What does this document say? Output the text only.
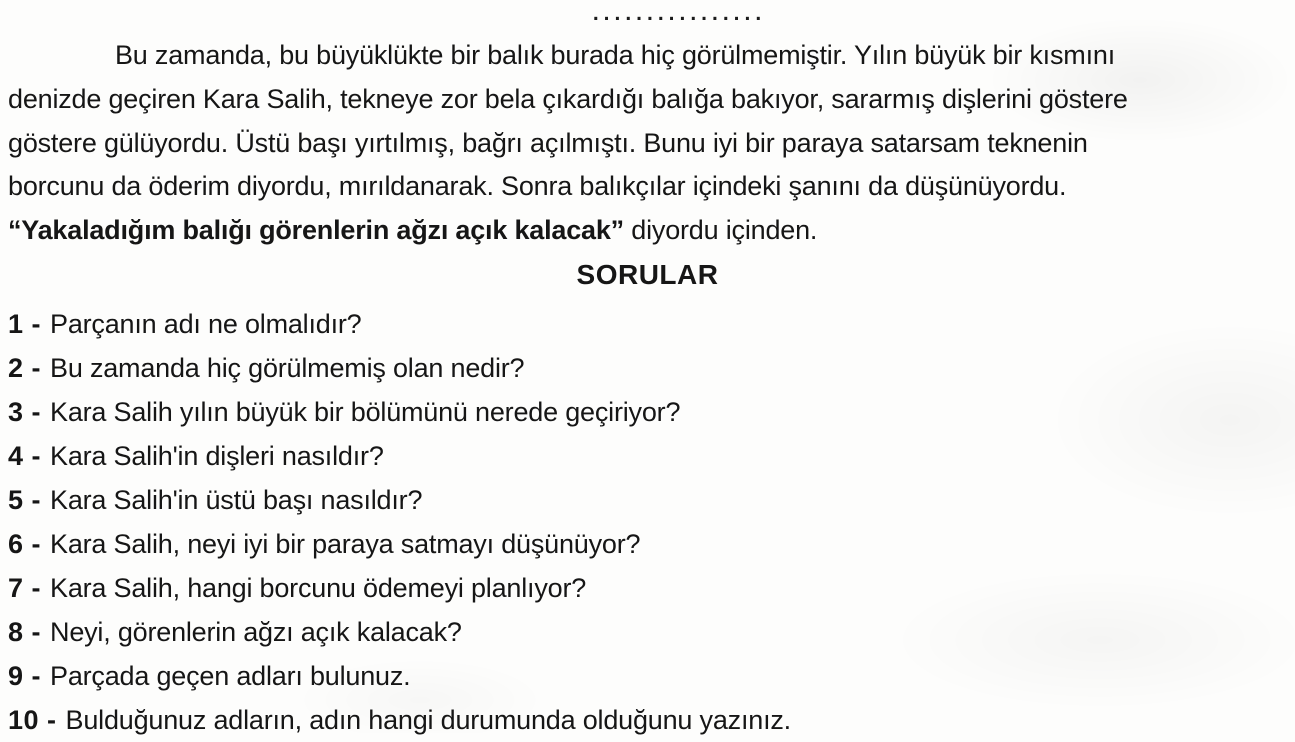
................
Bu zamanda, bu büyüklükte bir balık burada hiç görülmemiştir. Yılın büyük bir kısmını
denizde geçiren Kara Salih, tekneye zor bela çıkardığı balığa bakıyor, sararmış dişlerini göstere
göstere gülüyordu. Üstü başı yırtılmış, bağrı açılmıştı. Bunu iyi bir paraya satarsam teknenin
borcunu da öderim diyordu, mırıldanarak. Sonra balıkçılar içindeki şanını da düşünüyordu.
“Yakaladığım balığı görenlerin ağzı açık kalacak” diyordu içinden.
SORULAR
1 - Parçanın adı ne olmalıdır?
2 - Bu zamanda hiç görülmemiş olan nedir?
3 - Kara Salih yılın büyük bir bölümünü nerede geçiriyor?
4 - Kara Salih'in dişleri nasıldır?
5 - Kara Salih'in üstü başı nasıldır?
6 - Kara Salih, neyi iyi bir paraya satmayı düşünüyor?
7 - Kara Salih, hangi borcunu ödemeyi planlıyor?
8 - Neyi, görenlerin ağzı açık kalacak?
9 - Parçada geçen adları bulunuz.
10 - Bulduğunuz adların, adın hangi durumunda olduğunu yazınız.
